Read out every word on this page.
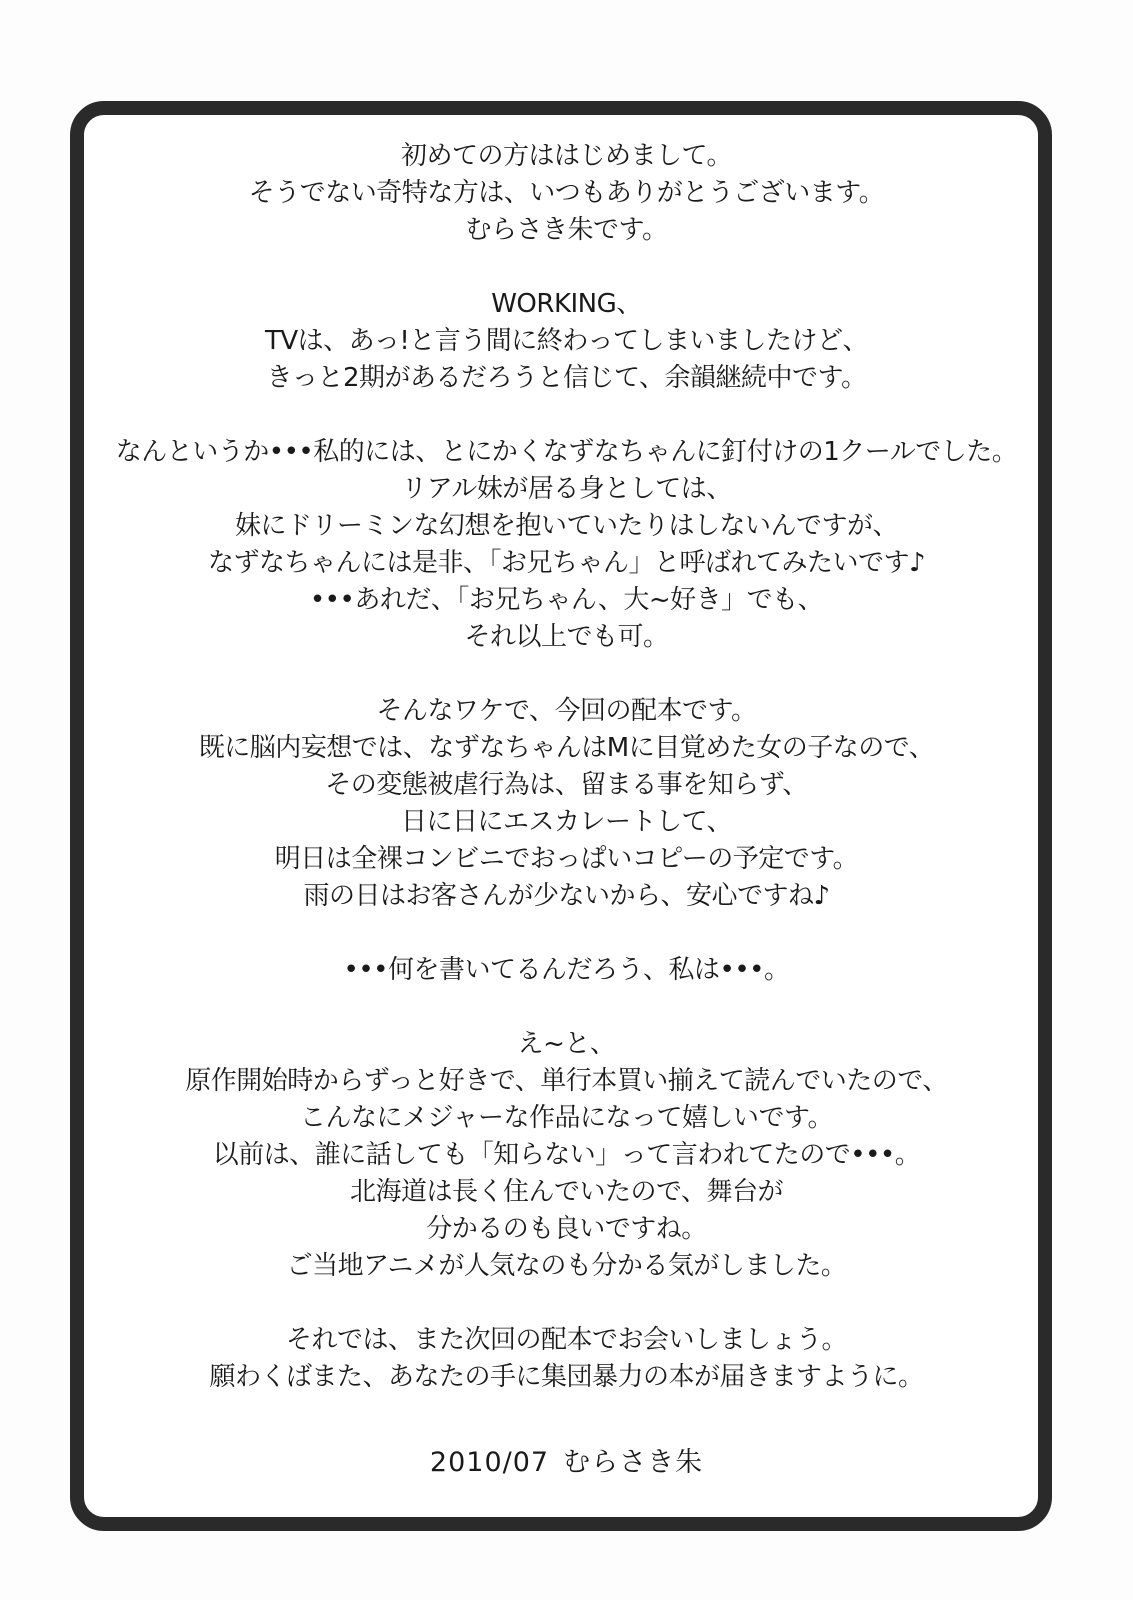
初めての方ははじめまして。
そうでない奇特な方は、いつもありがとうございます。
むらさき朱です。
WORKING、
TVは、あっ!と言う間に終わってしまいましたけど、
きっと2期があるだろうと信じて、余韻継続中です。
なんというか•••私的には、とにかくなずなちゃんに釘付けの1クールでした。
リアル妹が居る身としては、
妹にドリーミンな幻想を抱いていたりはしないんですが、
なずなちゃんには是非、「お兄ちゃん」と呼ばれてみたいです♪
•••あれだ、「お兄ちゃん、大~好き」でも、
それ以上でも可。
そんなワケで、今回の配本です。
既に脳内妄想では、なずなちゃんはMに目覚めた女の子なので、
その変態被虐行為は、留まる事を知らず、
日に日にエスカレートして、
明日は全裸コンビニでおっぱいコピーの予定です。
雨の日はお客さんが少ないから、安心ですね♪
•••何を書いてるんだろう、私は•••。
え~と、
原作開始時からずっと好きで、単行本買い揃えて読んでいたので、
こんなにメジャーな作品になって嬉しいです。
以前は、誰に話しても「知らない」って言われてたので•••。
北海道は長く住んでいたので、舞台が
分かるのも良いですね。
ご当地アニメが人気なのも分かる気がしました。
それでは、また次回の配本でお会いしましょう。
願わくばまた、あなたの手に集団暴力の本が届きますように。
2010/07 むらさき朱
